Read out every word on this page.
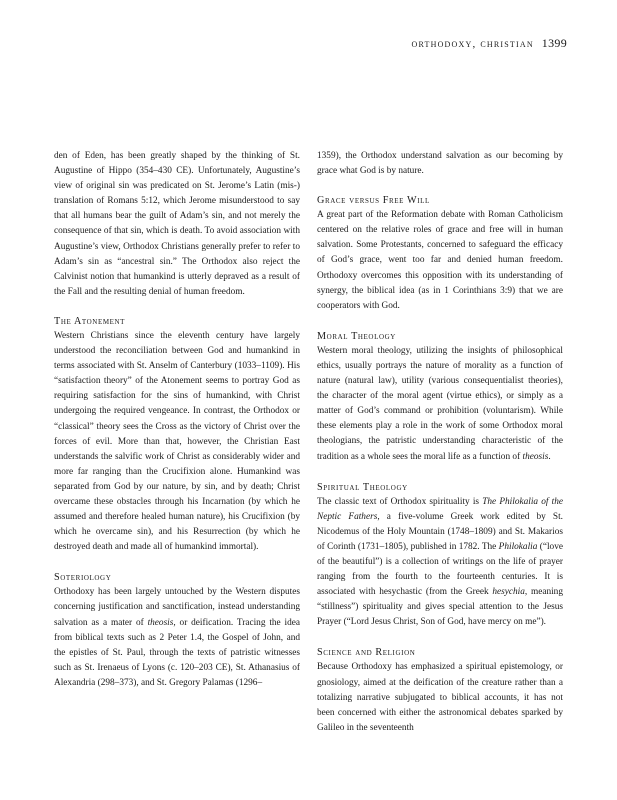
orthodoxy, christian 1399

den of Eden, has been greatly shaped by the thinking of St. Augustine of Hippo (354–430 CE). Unfortunately, Augustine’s view of original sin was predicated on St. Jerome’s Latin (mis-) translation of Romans 5:12, which Jerome misunderstood to say that all humans bear the guilt of Adam’s sin, and not merely the consequence of that sin, which is death. To avoid association with Augustine’s view, Orthodox Christians generally prefer to refer to Adam’s sin as “ancestral sin.” The Orthodox also reject the Calvinist notion that humankind is utterly depraved as a result of the Fall and the resulting denial of human freedom.

The Atonement

Western Christians since the eleventh century have largely understood the reconciliation between God and humankind in terms associated with St. Anselm of Canterbury (1033–1109). His “satisfaction theory” of the Atonement seems to portray God as requiring satisfaction for the sins of humankind, with Christ undergoing the required vengeance. In contrast, the Orthodox or “classical” theory sees the Cross as the victory of Christ over the forces of evil. More than that, however, the Christian East understands the salvific work of Christ as considerably wider and more far ranging than the Crucifixion alone. Humankind was separated from God by our nature, by sin, and by death; Christ overcame these obstacles through his Incarnation (by which he assumed and therefore healed human nature), his Crucifixion (by which he overcame sin), and his Resurrection (by which he destroyed death and made all of humankind immortal).

Soteriology

Orthodoxy has been largely untouched by the Western disputes concerning justification and sanctification, instead understanding salvation as a mater of theosis, or deification. Tracing the idea from biblical texts such as 2 Peter 1.4, the Gospel of John, and the epistles of St. Paul, through the texts of patristic witnesses such as St. Irenaeus of Lyons (c. 120–203 CE), St. Athanasius of Alexandria (298–373), and St. Gregory Palamas (1296–

1359), the Orthodox understand salvation as our becoming by grace what God is by nature.

Grace versus Free Will

A great part of the Reformation debate with Roman Catholicism centered on the relative roles of grace and free will in human salvation. Some Protestants, concerned to safeguard the efficacy of God’s grace, went too far and denied human freedom. Orthodoxy overcomes this opposition with its understanding of synergy, the biblical idea (as in 1 Corinthians 3:9) that we are cooperators with God.

Moral Theology

Western moral theology, utilizing the insights of philosophical ethics, usually portrays the nature of morality as a function of nature (natural law), utility (various consequentialist theories), the character of the moral agent (virtue ethics), or simply as a matter of God’s command or prohibition (voluntarism). While these elements play a role in the work of some Orthodox moral theologians, the patristic understanding characteristic of the tradition as a whole sees the moral life as a function of theosis.

Spiritual Theology

The classic text of Orthodox spirituality is The Philokalia of the Neptic Fathers, a five-volume Greek work edited by St. Nicodemus of the Holy Mountain (1748–1809) and St. Makarios of Corinth (1731–1805), published in 1782. The Philokalia (“love of the beautiful”) is a collection of writings on the life of prayer ranging from the fourth to the fourteenth centuries. It is associated with hesychastic (from the Greek hesychia, meaning “stillness”) spirituality and gives special attention to the Jesus Prayer (“Lord Jesus Christ, Son of God, have mercy on me”).

Science and Religion

Because Orthodoxy has emphasized a spiritual epistemology, or gnosiology, aimed at the deification of the creature rather than a totalizing narrative subjugated to biblical accounts, it has not been concerned with either the astronomical debates sparked by Galileo in the seventeenth
